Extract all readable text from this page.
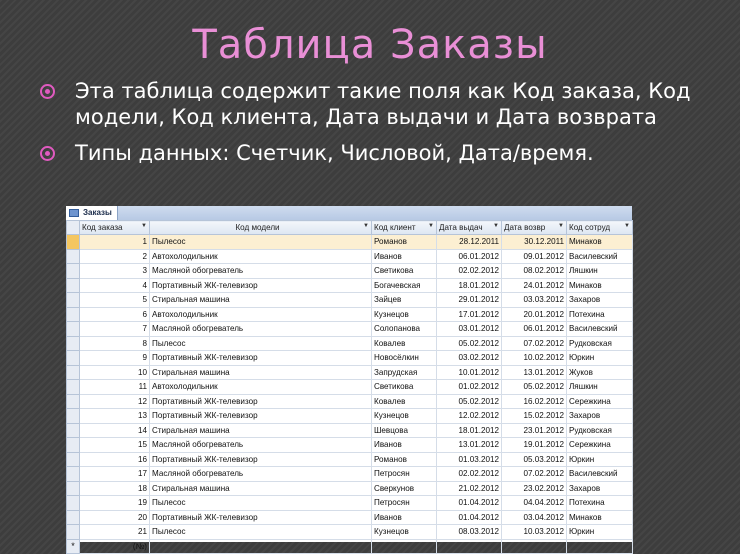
Таблица Заказы
Эта таблица содержит такие поля как Код заказа, Код модели, Код клиента, Дата выдачи и Дата возврата
Типы данных: Счетчик, Числовой, Дата/время.
Заказы
	Код заказа ▼	Код модели ▼	Код клиент ▼	Дата выдач ▼	Дата возвр ▼	Код сотруд ▼

	1	Пылесос	Романов	28.12.2011	30.12.2011	Минаков
	2	Автохолодильник	Иванов	06.01.2012	09.01.2012	Василевский
	3	Масляной обогреватель	Светикова	02.02.2012	08.02.2012	Ляшкин
	4	Портативный ЖК-телевизор	Богачевская	18.01.2012	24.01.2012	Минаков
	5	Стиральная машина	Зайцев	29.01.2012	03.03.2012	Захаров
	6	Автохолодильник	Кузнецов	17.01.2012	20.01.2012	Потехина
	7	Масляной обогреватель	Солопанова	03.01.2012	06.01.2012	Василевский
	8	Пылесос	Ковалев	05.02.2012	07.02.2012	Рудковская
	9	Портативный ЖК-телевизор	Новосёлкин	03.02.2012	10.02.2012	Юркин
	10	Стиральная машина	Запрудская	10.01.2012	13.01.2012	Жуков
	11	Автохолодильник	Светикова	01.02.2012	05.02.2012	Ляшкин
	12	Портативный ЖК-телевизор	Ковалев	05.02.2012	16.02.2012	Сережкина
	13	Портативный ЖК-телевизор	Кузнецов	12.02.2012	15.02.2012	Захаров
	14	Стиральная машина	Шевцова	18.01.2012	23.01.2012	Рудковская
	15	Масляной обогреватель	Иванов	13.01.2012	19.01.2012	Сережкина
	16	Портативный ЖК-телевизор	Романов	01.03.2012	05.03.2012	Юркин
	17	Масляной обогреватель	Петросян	02.02.2012	07.02.2012	Василевский
	18	Стиральная машина	Сверкунов	21.02.2012	23.02.2012	Захаров
	19	Пылесос	Петросян	01.04.2012	04.04.2012	Потехина
	20	Портативный ЖК-телевизор	Иванов	01.04.2012	03.04.2012	Минаков
	21	Пылесос	Кузнецов	08.03.2012	10.03.2012	Юркин
*	(№)					
